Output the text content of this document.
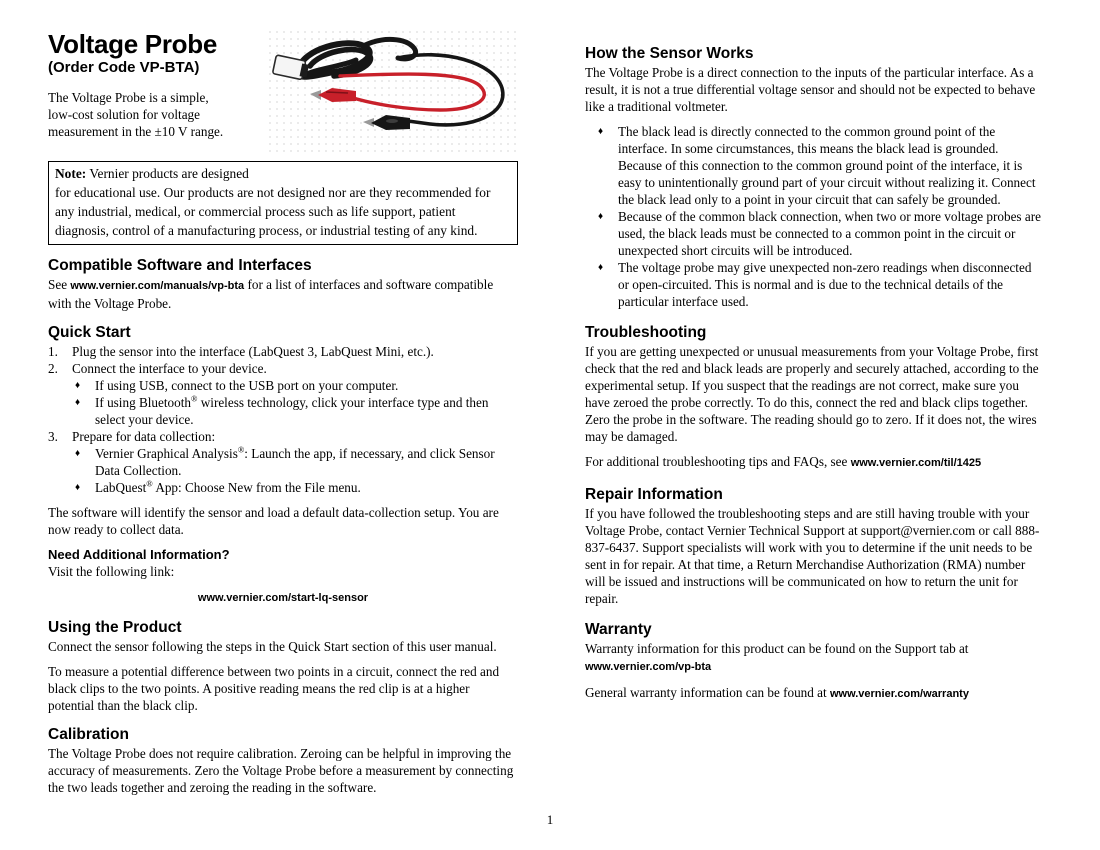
Voltage Probe
(Order Code VP-BTA)

The Voltage Probe is a simple, low-cost solution for voltage measurement in the ±10 V range.

Note: Vernier products are designed
for educational use. Our products are not designed nor are they recommended for any industrial, medical, or commercial process such as life support, patient diagnosis, control of a manufacturing process, or industrial testing of any kind.

Compatible Software and Interfaces

See www.vernier.com/manuals/vp-bta for a list of interfaces and software compatible with the Voltage Probe.

Quick Start
1.	Plug the sensor into the interface (LabQuest 3, LabQuest Mini, etc.).
2.	Connect the interface to your device.
♦	If using USB, connect to the USB port on your computer.
♦	If using Bluetooth® wireless technology, click your interface type and then select your device.
3.	Prepare for data collection:
♦	Vernier Graphical Analysis®: Launch the app, if necessary, and click Sensor Data Collection.
♦	LabQuest® App: Choose New from the File menu.

The software will identify the sensor and load a default data-collection setup. You are now ready to collect data.

Need Additional Information?

Visit the following link:

www.vernier.com/start-lq-sensor

Using the Product

Connect the sensor following the steps in the Quick Start section of this user manual.

To measure a potential difference between two points in a circuit, connect the red and black clips to the two points. A positive reading means the red clip is at a higher potential than the black clip.

Calibration

The Voltage Probe does not require calibration. Zeroing can be helpful in improving the accuracy of measurements. Zero the Voltage Probe before a measurement by connecting the two leads together and zeroing the reading in the software.

How the Sensor Works

The Voltage Probe is a direct connection to the inputs of the particular interface. As a result, it is not a true differential voltage sensor and should not be expected to behave like a traditional voltmeter.

♦	The black lead is directly connected to the common ground point of the interface. In some circumstances, this means the black lead is grounded. Because of this connection to the common ground point of the interface, it is easy to unintentionally ground part of your circuit without realizing it. Connect the black lead only to a point in your circuit that can safely be grounded.
♦	Because of the common black connection, when two or more voltage probes are used, the black leads must be connected to a common point in the circuit or unexpected short circuits will be introduced.
♦	The voltage probe may give unexpected non-zero readings when disconnected or open-circuited. This is normal and is due to the technical details of the particular interface used.
Troubleshooting

If you are getting unexpected or unusual measurements from your Voltage Probe, first check that the red and black leads are properly and securely attached, according to the experimental setup. If you suspect that the readings are not correct, make sure you have zeroed the probe correctly. To do this, connect the red and black clips together. Zero the probe in the software. The reading should go to zero. If it does not, the wires may be damaged.

For additional troubleshooting tips and FAQs, see www.vernier.com/til/1425

Repair Information

If you have followed the troubleshooting steps and are still having trouble with your Voltage Probe, contact Vernier Technical Support at support@vernier.com or call 888-837-6437. Support specialists will work with you to determine if the unit needs to be sent in for repair. At that time, a Return Merchandise Authorization (RMA) number will be issued and instructions will be communicated on how to return the unit for repair.

Warranty

Warranty information for this product can be found on the Support tab at www.vernier.com/vp-bta

General warranty information can be found at www.vernier.com/warranty

1
